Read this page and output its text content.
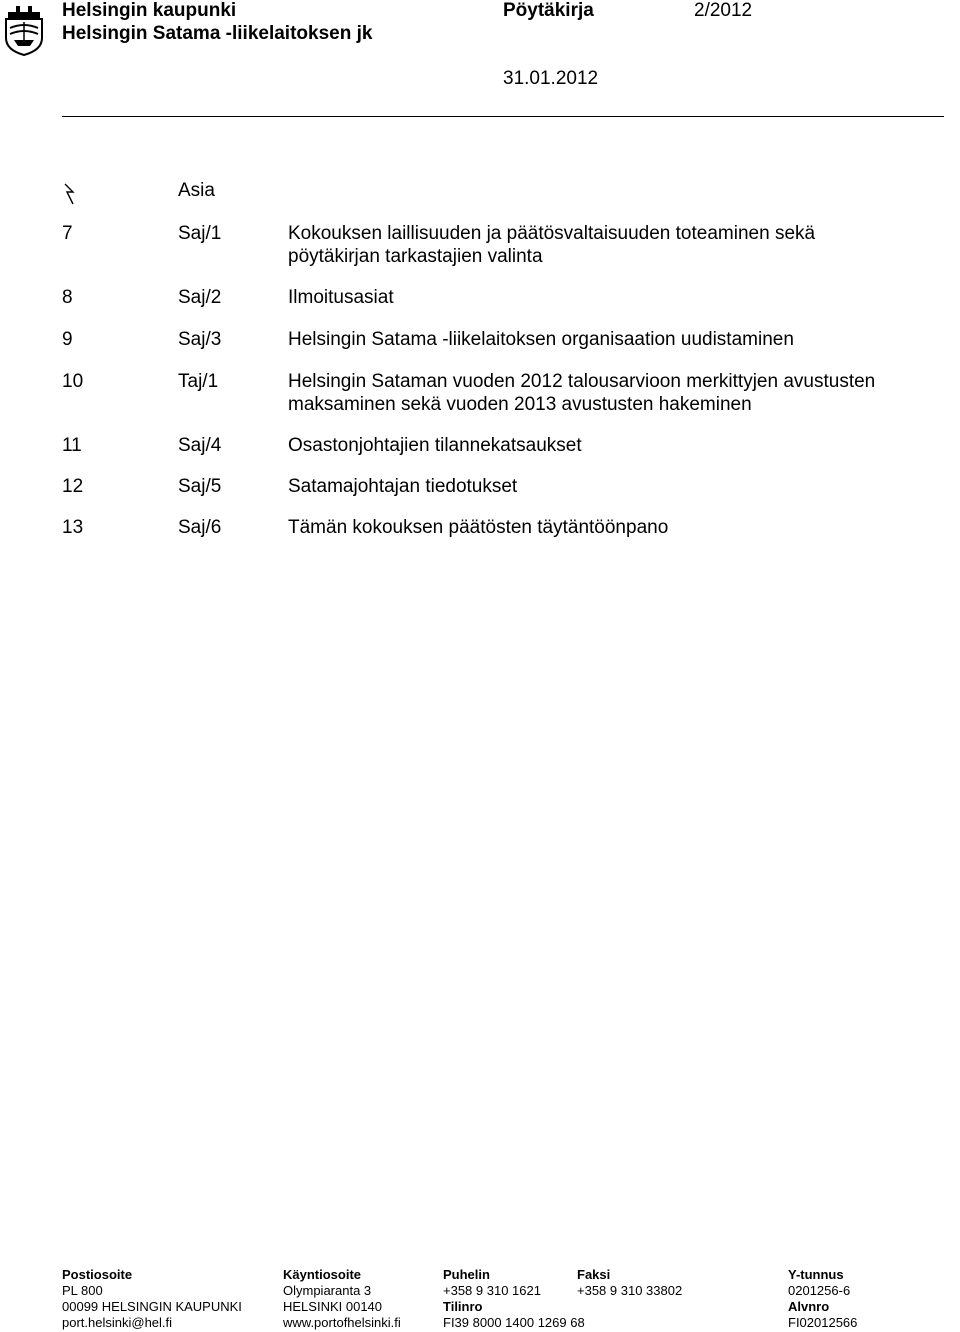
Helsingin kaupunki
Helsingin Satama -liikelaitoksen jk
Pöytäkirja	2/2012
31.01.2012
Asia
7	Saj/1	Kokouksen laillisuuden ja päätösvaltaisuuden toteaminen sekä
pöytäkirjan tarkastajien valinta
8	Saj/2	Ilmoitusasiat
9	Saj/3	Helsingin Satama -liikelaitoksen organisaation uudistaminen
10	Taj/1	Helsingin Sataman vuoden 2012 talousarvioon merkittyjen avustusten
maksaminen sekä vuoden 2013 avustusten hakeminen
11	Saj/4	Osastonjohtajien tilannekatsaukset
12	Saj/5	Satamajohtajan tiedotukset
13	Saj/6	Tämän kokouksen päätösten täytäntöönpano
Postiosoite
PL 800
00099 HELSINGIN KAUPUNKI
port.helsinki@hel.fi
Käyntiosoite
Olympiaranta 3
HELSINKI 00140
www.portofhelsinki.fi
Puhelin
+358 9 310 1621
Tilinro
FI39 8000 1400 1269 68
Faksi
+358 9 310 33802
Y-tunnus
0201256-6
Alvnro
FI02012566
